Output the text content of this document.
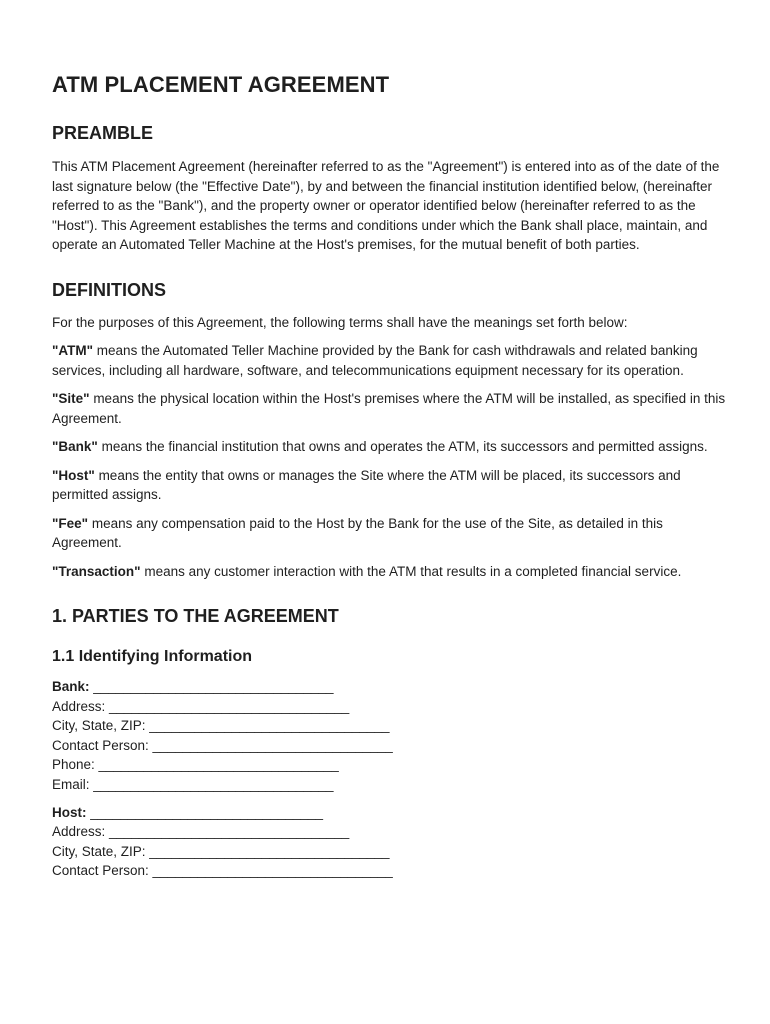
ATM PLACEMENT AGREEMENT
PREAMBLE

This ATM Placement Agreement (hereinafter referred to as the "Agreement") is entered into as of the date of the last signature below (the "Effective Date"), by and between the financial institution identified below, (hereinafter referred to as the "Bank"), and the property owner or operator identified below (hereinafter referred to as the "Host"). This Agreement establishes the terms and conditions under which the Bank shall place, maintain, and operate an Automated Teller Machine at the Host's premises, for the mutual benefit of both parties.

DEFINITIONS

For the purposes of this Agreement, the following terms shall have the meanings set forth below:

"ATM" means the Automated Teller Machine provided by the Bank for cash withdrawals and related banking services, including all hardware, software, and telecommunications equipment necessary for its operation.

"Site" means the physical location within the Host's premises where the ATM will be installed, as specified in this Agreement.

"Bank" means the financial institution that owns and operates the ATM, its successors and permitted assigns.

"Host" means the entity that owns or manages the Site where the ATM will be placed, its successors and permitted assigns.

"Fee" means any compensation paid to the Host by the Bank for the use of the Site, as detailed in this Agreement.

"Transaction" means any customer interaction with the ATM that results in a completed financial service.

1. PARTIES TO THE AGREEMENT
1.1 Identifying Information
Bank: ________________________________
Address: ________________________________
City, State, ZIP: ________________________________
Contact Person: ________________________________
Phone: ________________________________
Email: ________________________________
Host: _______________________________
Address: ________________________________
City, State, ZIP: ________________________________
Contact Person: ________________________________
